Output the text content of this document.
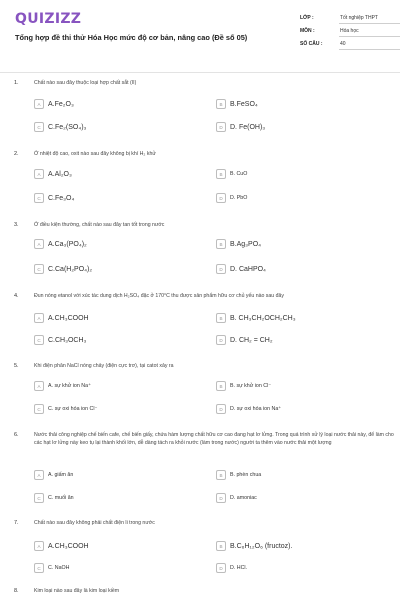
QUIZIZZ
Tổng hợp đề thi thử Hóa Học mức độ cơ bản, nâng cao (Đề số 05)
LỚP :	Tốt nghiệp THPT
MÔN :	Hóa học
SỐ CÂU :	40
1.	Chất nào sau đây thuộc loại hợp chất sắt (II)
A	A.Fe₂O₃	B	B.FeSO₄
C	C.Fe₂(SO₄)₃	D	D. Fe(OH)₃
2.	Ở nhiệt độ cao, oxit nào sau đây không bị khí H₂ khử
A	A.Al₂O₃	B	B. CuO
C	C.Fe₃O₄	D	D. PbO
3.	Ở điều kiện thường, chất nào sau đây tan tốt trong nước
A	A.Ca₃(PO₄)₂	B	B.Ag₃PO₄
C	C.Ca(H₂PO₄)₂	D	D. CaHPO₄
4.	Đun nóng etanol với xúc tác dung dịch H₂SO₄ đặc ở 170°C thu được sản phẩm hữu cơ chủ yếu nào sau đây
A	A.CH₃COOH	B	B. CH₃CH₂OCH₂CH₃
C	C.CH₃OCH₃	D	D. CH₂ = CH₂
5.	Khi điện phân NaCl nóng chảy (điện cực trơ), tại catot xảy ra
A	A. sự khử ion Na⁺	B	B. sự khử ion Cl⁻
C	C. sự oxi hóa ion Cl⁻	D	D. sự oxi hóa ion Na⁺
6.	Nước thải công nghiệp chế biến cafe, chế biến giấy, chứa hàm lượng chất hữu cơ cao đang hạt lơ lửng. Trong quá trình xử lý loại nước thải này, để làm cho các hạt lơ lửng này keo tụ lại thành khối lớn, dễ dàng tách ra khỏi nước (làm trong nước) người ta thêm vào nước thải một lượng
A	A. giấm ăn	B	B. phèn chua
C	C. muối ăn	D	D. amoniac
7.	Chất nào sau đây không phải chất điện li trong nước
A	A.CH₃COOH	B	B.C₆H₁₂O₆ (fructoz).
C	C. NaOH	D	D. HCl.
8.	Kim loại nào sau đây là kim loại kiềm
